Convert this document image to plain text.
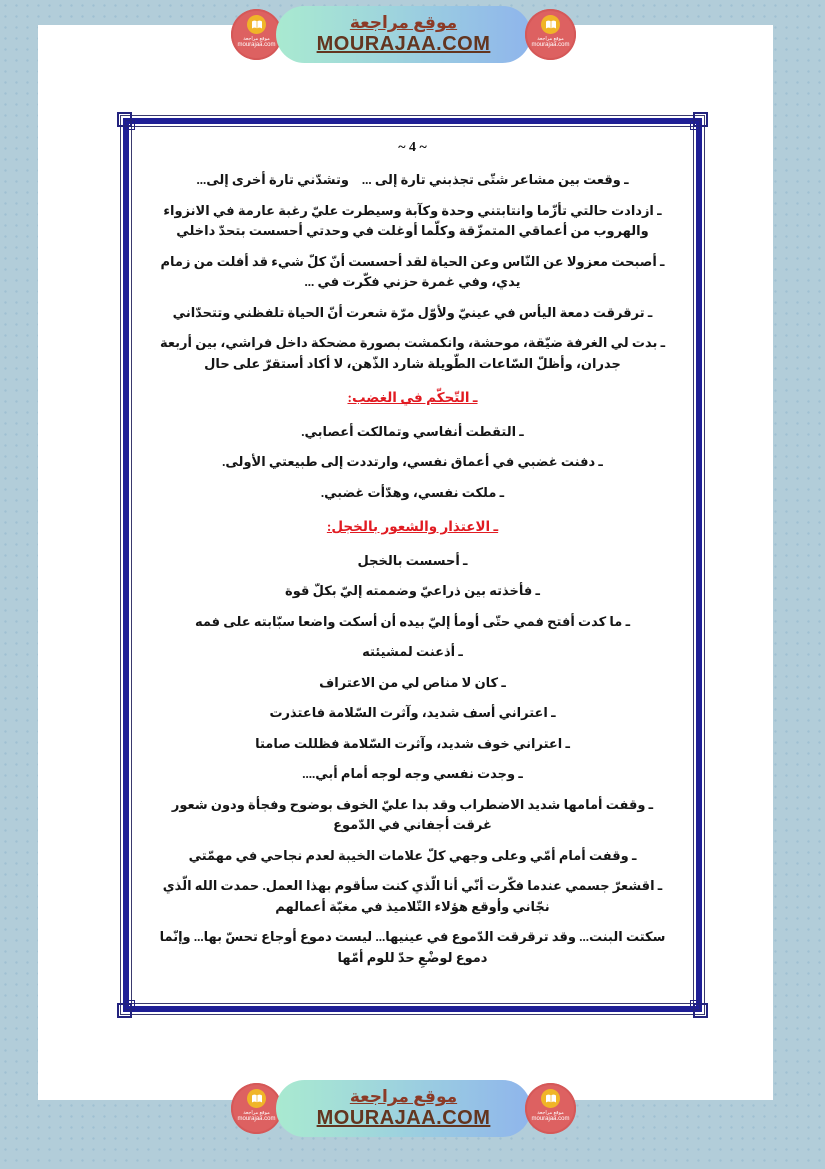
موقع مراجعة
mourajaa.com
موقع مراجعة
MOURAJAA.COM	موقع مراجعة
mourajaa.com
~ 4 ~

ـ وقعت بين مشاعر شتّى تجذبني تارة إلى ...    وتشدّني تارة أخرى إلى...

ـ ازدادت حالتي تأزّما وانتابتني وحدة وكآبة وسيطرت عليّ رغبة عارمة في الانزواء والهروب من أعماقي المتمزّقة وكلّما أوغلت في وحدتي أحسست بتحدّ داخلي

ـ أصبحت معزولا عن النّاس وعن الحياة لقد أحسست أنّ كلّ شيء قد أفلت من زمام يدي، وفي غمرة حزني فكّرت في ...

ـ ترقرقت دمعة اليأس في عينيّ ولأوّل مرّة شعرت أنّ الحياة تلفظني وتتحدّاني

ـ بدت لي الغرفة ضيّقة، موحشة، وانكمشت بصورة مضحكة داخل فراشي، بين أربعة جدران، وأظلّ السّاعات الطّويلة شارد الذّهن، لا أكاد أستقرّ على حال

ـ التّحكّم في الغضب:

ـ التقطت أنفاسي وتمالكت أعصابي.

ـ دفنت غضبي في أعماق نفسي، وارتددت إلى طبيعتي الأولى.

ـ ملكت نفسي، وهدّأت غضبي.

ـ الاعتذار والشعور بالخجل:

ـ أحسست بالخجل

ـ فأخذته بين ذراعيّ وضممته إليّ بكلّ قوة

ـ ما كدت أفتح فمي حتّى أومأ إليّ بيده أن أسكت واضعا سبّابته على فمه

ـ أذعنت لمشيئته

ـ كان لا مناص لي من الاعتراف

ـ اعتراني أسف شديد، وآثرت السّلامة فاعتذرت

ـ اعتراني خوف شديد، وآثرت السّلامة فظللت صامتا

ـ وجدت نفسي وجه لوجه أمام أبي....

ـ وقفت أمامها شديد الاضطراب وقد بدا عليّ الخوف بوضوح وفجأة ودون شعور غرقت أجفاني في الدّموع

ـ وقفت أمام أمّي وعلى وجهي كلّ علامات الخيبة لعدم نجاحي في مهمّتي

ـ اقشعرّ جسمي عندما فكّرت أنّي أنا الّذي كنت سأقوم بهذا العمل. حمدت الله الّذي نجّاني وأوقع هؤلاء التّلاميذ في مغبّة أعمالهم

سكتت البنت... وقد ترقرقت الدّموع في عينيها... ليست دموع أوجاع تحسّ بها... وإنّما دموع لوضْعِ حدّ للوم أمّها

موقع مراجعة
mourajaa.com
موقع مراجعة
MOURAJAA.COM	موقع مراجعة
mourajaa.com
